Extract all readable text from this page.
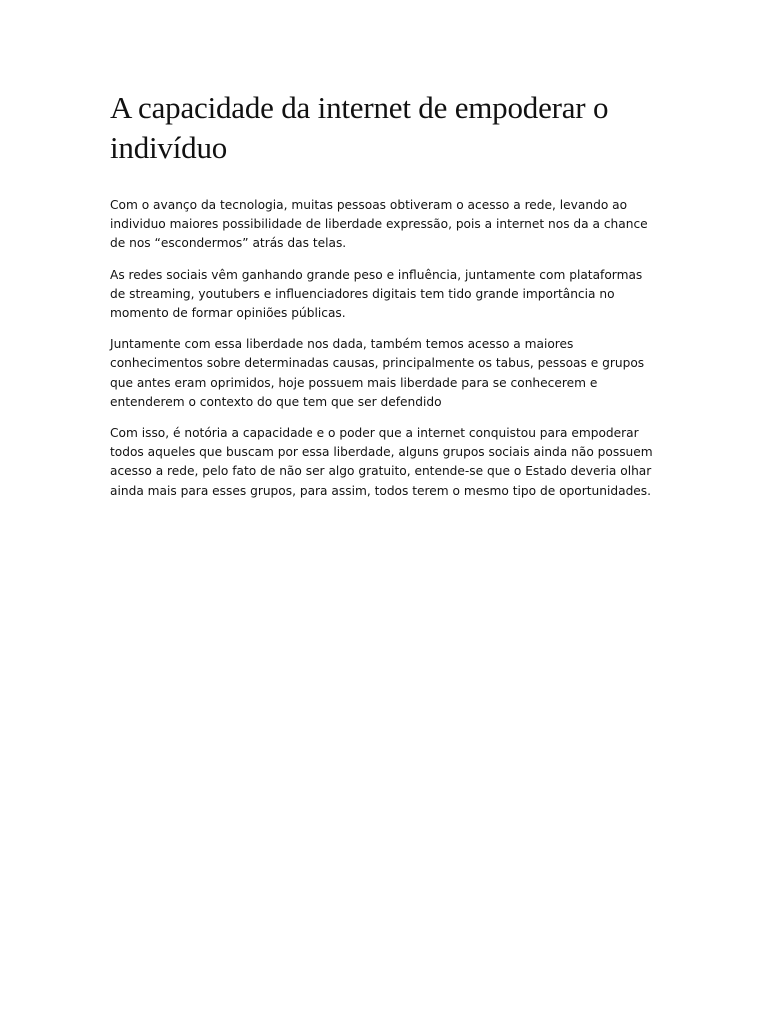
A capacidade da internet de empoderar o indivíduo

Com o avanço da tecnologia, muitas pessoas obtiveram o acesso a rede, levando ao individuo maiores possibilidade de liberdade expressão, pois a internet nos da a chance de nos “escondermos” atrás das telas.

As redes sociais vêm ganhando grande peso e influência, juntamente com plataformas de streaming, youtubers e influenciadores digitais tem tido grande importância no momento de formar opiniões públicas.

Juntamente com essa liberdade nos dada, também temos acesso a maiores conhecimentos sobre determinadas causas, principalmente os tabus, pessoas e grupos que antes eram oprimidos, hoje possuem mais liberdade para se conhecerem e entenderem o contexto do que tem que ser defendido

Com isso, é notória a capacidade e o poder que a internet conquistou para empoderar todos aqueles que buscam por essa liberdade, alguns grupos sociais ainda não possuem acesso a rede, pelo fato de não ser algo gratuito, entende-se que o Estado deveria olhar ainda mais para esses grupos, para assim, todos terem o mesmo tipo de oportunidades.
